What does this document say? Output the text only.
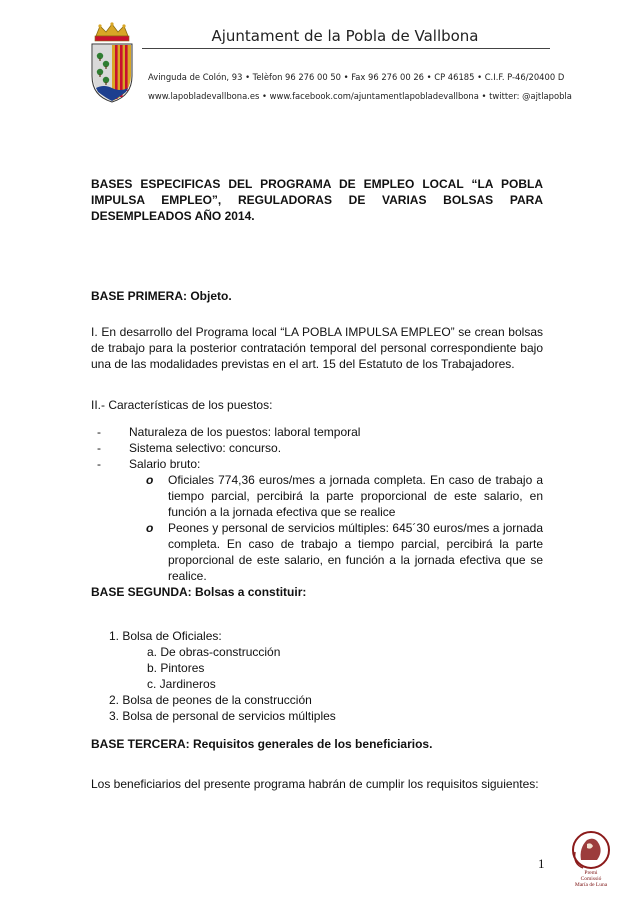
Ajuntament de la Pobla de Vallbona
Avinguda de Colón, 93 • Telèfon 96 276 00 50 • Fax 96 276 00 26 • CP 46185 • C.I.F. P-46/20400 D
www.lapobladevallbona.es • www.facebook.com/ajuntamentlapobladevallbona • twitter: @ajtlapobla
BASES ESPECIFICAS DEL PROGRAMA DE EMPLEO LOCAL “LA POBLA
IMPULSA EMPLEO”, REGULADORAS DE VARIAS BOLSAS PARA
DESEMPLEADOS AÑO 2014.
BASE PRIMERA: Objeto.
I. En desarrollo del Programa local “LA POBLA IMPULSA EMPLEO” se crean bolsas de trabajo para la posterior contratación temporal del personal correspondiente bajo una de las modalidades previstas en el art. 15 del Estatuto de los Trabajadores.
II.- Características de los puestos:
- Naturaleza de los puestos: laboral temporal
- Sistema selectivo: concurso.
- Salario bruto:
o Oficiales 774,36 euros/mes a jornada completa. En caso de trabajo a tiempo parcial, percibirá la parte proporcional de este salario, en función a la jornada efectiva que se realice
o Peones y personal de servicios múltiples: 645´30 euros/mes a jornada completa. En caso de trabajo a tiempo parcial, percibirá la parte proporcional de este salario, en función a la jornada efectiva que se realice.
BASE SEGUNDA: Bolsas a constituir:
1. Bolsa de Oficiales:
a. De obras-construcción
b. Pintores
c. Jardineros
2. Bolsa de peones de la construcción
3. Bolsa de personal de servicios múltiples
BASE TERCERA: Requisitos generales de los beneficiarios.
Los beneficiarios del presente programa habrán de cumplir los requisitos siguientes:
1
Premi
Comissió
María de Luna
